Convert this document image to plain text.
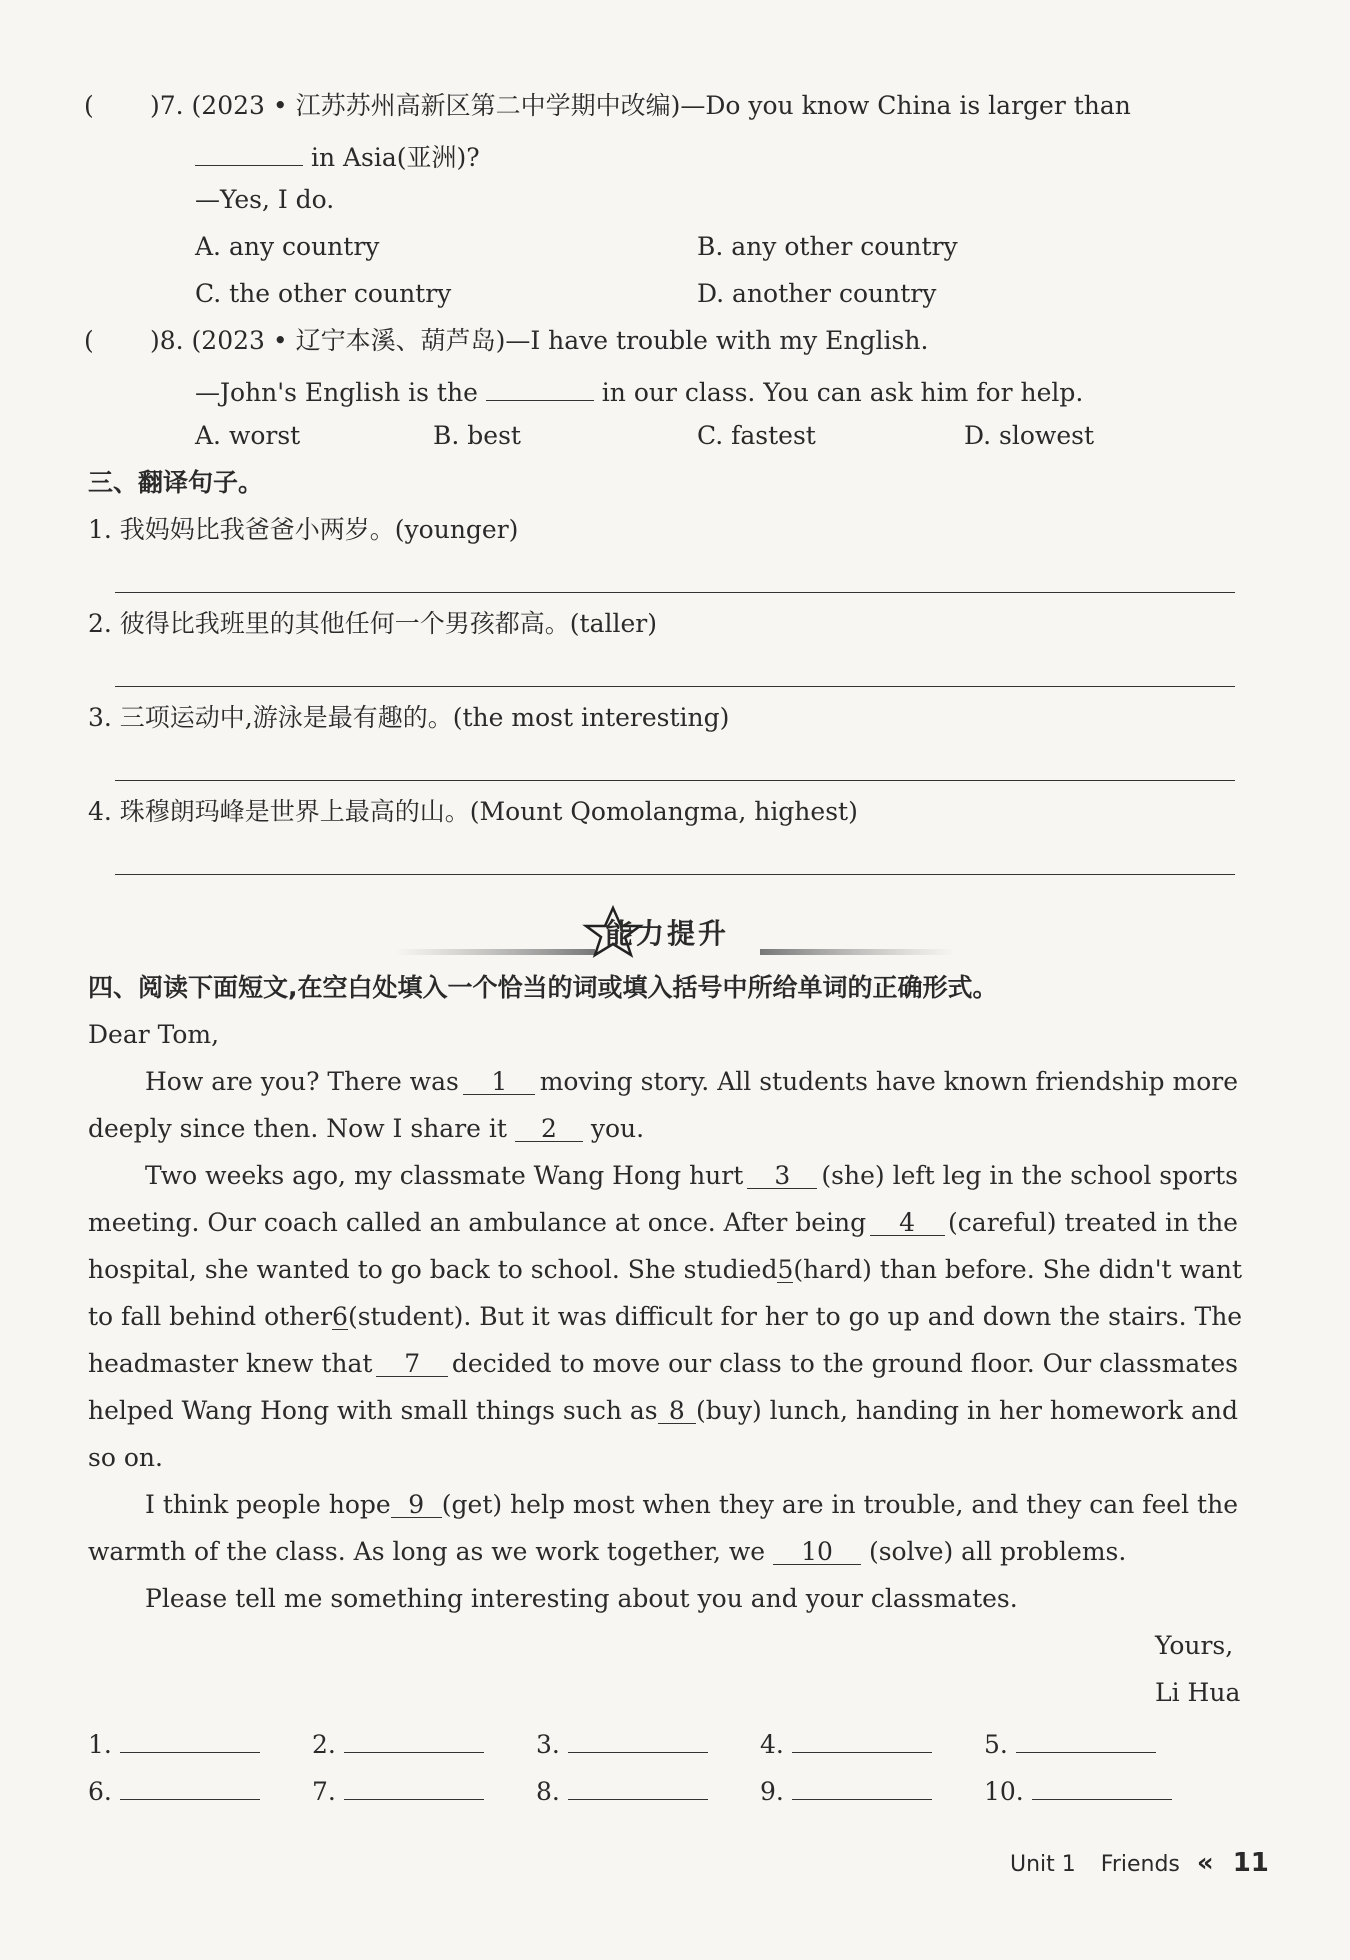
( )7. (2023 • 江苏苏州高新区第二中学期中改编)—Do you know China is larger than
in Asia(亚洲)?
—Yes, I do.
A. any country	B. any other country
C. the other country	D. another country
( )8. (2023 • 辽宁本溪、葫芦岛)—I have trouble with my English.
—John's English is the	in our class. You can ask him for help.
A. worst	B. best	C. fastest	D. slowest
三、翻译句子。
1. 我妈妈比我爸爸小两岁。(younger)
2. 彼得比我班里的其他任何一个男孩都高。(taller)
3. 三项运动中,游泳是最有趣的。(the most interesting)
4. 珠穆朗玛峰是世界上最高的山。(Mount Qomolangma, highest)
能力提升
四、阅读下面短文,在空白处填入一个恰当的词或填入括号中所给单词的正确形式。
Dear Tom,
How are you? There was	1	moving story. All students have known friendship more
deeply since then. Now I share it 2 you.
Two weeks ago, my classmate Wang Hong hurt	3	(she) left leg in the school sports
meeting. Our coach called an ambulance at once. After being	4	(careful) treated in the
hospital, she wanted to go back to school. She studied 5 (hard) than before. She didn't want
to fall behind other 6 (student). But it was difficult for her to go up and down the stairs. The
headmaster knew that	7	decided to move our class to the ground floor. Our classmates
helped Wang Hong with small things such as 8 (buy) lunch, handing in her homework and
so on.
I think people hope 9 (get) help most when they are in trouble, and they can feel the
warmth of the class. As long as we work together, we 10 (solve) all problems.
Please tell me something interesting about you and your classmates.
Yours,
Li Hua
1.	2.	3.	4.	5.
6.	7.	8.	9.	10.
Unit 1 Friends « 11
